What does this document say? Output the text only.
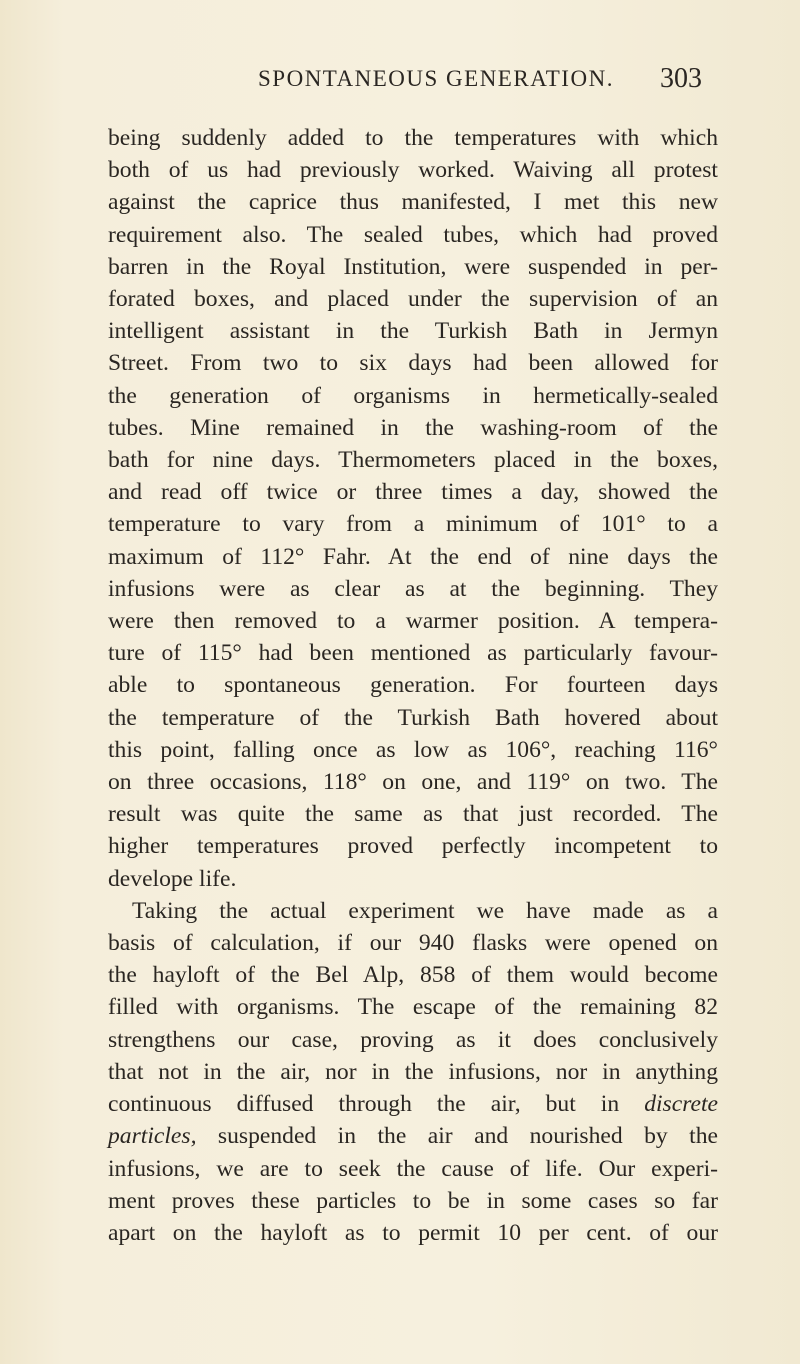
SPONTANEOUS GENERATION. 303
being suddenly added to the temperatures with which
both of us had previously worked. Waiving all protest
against the caprice thus manifested, I met this new
requirement also. The sealed tubes, which had proved
barren in the Royal Institution, were suspended in per-
forated boxes, and placed under the supervision of an
intelligent assistant in the Turkish Bath in Jermyn
Street. From two to six days had been allowed for
the generation of organisms in hermetically-sealed
tubes. Mine remained in the washing-room of the
bath for nine days. Thermometers placed in the boxes,
and read off twice or three times a day, showed the
temperature to vary from a minimum of 101° to a
maximum of 112° Fahr. At the end of nine days the
infusions were as clear as at the beginning. They
were then removed to a warmer position. A tempera-
ture of 115° had been mentioned as particularly favour-
able to spontaneous generation. For fourteen days
the temperature of the Turkish Bath hovered about
this point, falling once as low as 106°, reaching 116°
on three occasions, 118° on one, and 119° on two. The
result was quite the same as that just recorded. The
higher temperatures proved perfectly incompetent to
develope life.
Taking the actual experiment we have made as a
basis of calculation, if our 940 flasks were opened on
the hayloft of the Bel Alp, 858 of them would become
filled with organisms. The escape of the remaining 82
strengthens our case, proving as it does conclusively
that not in the air, nor in the infusions, nor in anything
continuous diffused through the air, but in discrete
particles, suspended in the air and nourished by the
infusions, we are to seek the cause of life. Our experi-
ment proves these particles to be in some cases so far
apart on the hayloft as to permit 10 per cent. of our
